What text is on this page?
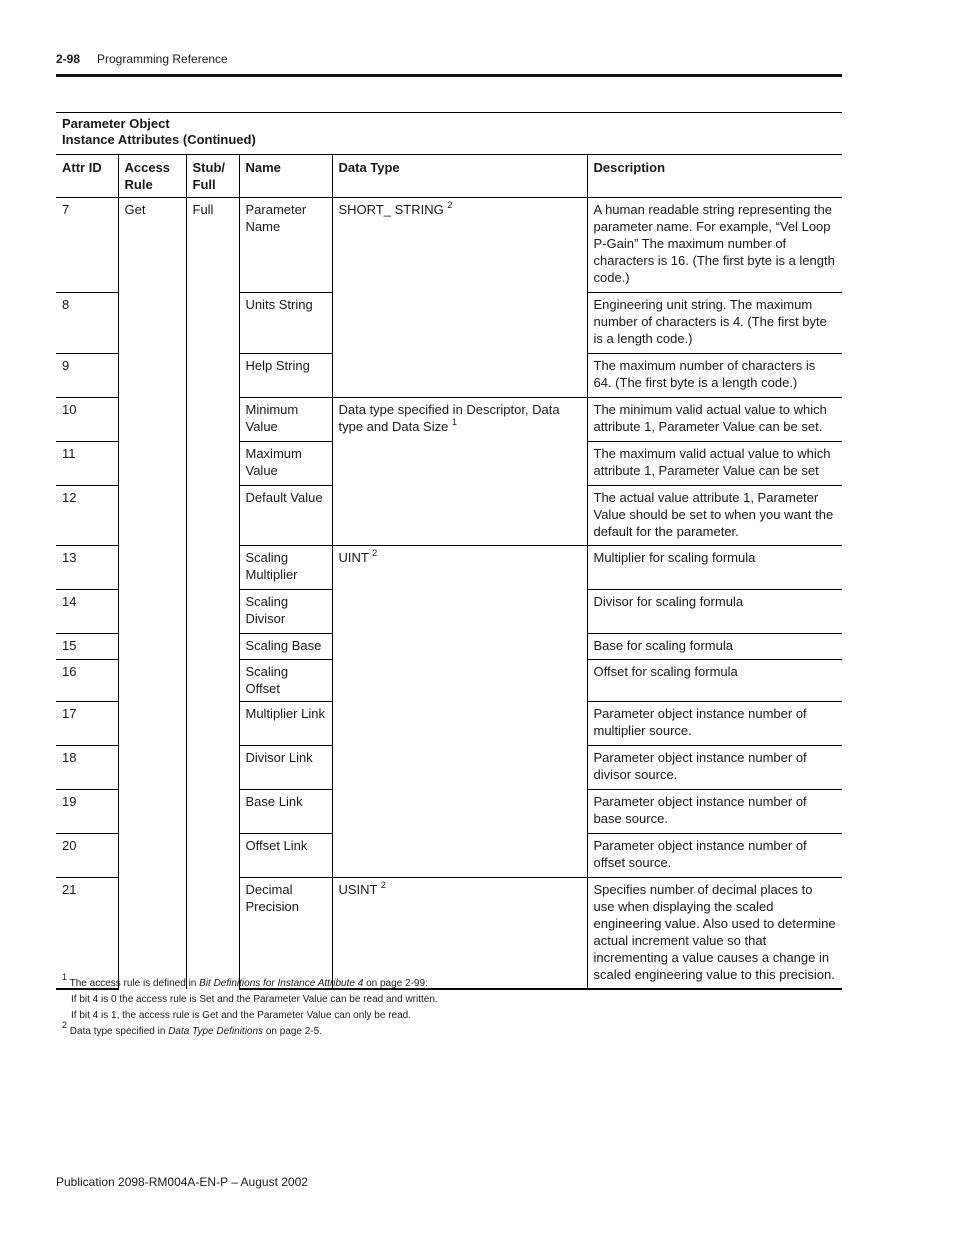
2-98 Programming Reference
Parameter Object
Instance Attributes (Continued)
Attr ID	Access Rule	Stub/ Full	Name	Data Type	Description
7	Get	Full	Parameter Name	SHORT_ STRING $^2$	A human readable string representing the parameter name. For example, “Vel Loop P-Gain” The maximum number of characters is 16. (The first byte is a length code.)
8			Units String		Engineering unit string. The maximum number of characters is 4. (The first byte is a length code.)
9			Help String		The maximum number of characters is 64. (The first byte is a length code.)
10			Minimum Value	Data type specified in Descriptor, Data type and Data Size $^1$	The minimum valid actual value to which attribute 1, Parameter Value can be set.
11			Maximum Value		The maximum valid actual value to which attribute 1, Parameter Value can be set
12			Default Value		The actual value attribute 1, Parameter Value should be set to when you want the default for the parameter.
13			Scaling Multiplier	UINT $^2$	Multiplier for scaling formula
14			Scaling Divisor		Divisor for scaling formula
15			Scaling Base		Base for scaling formula
16			Scaling Offset		Offset for scaling formula
17			Multiplier Link		Parameter object instance number of multiplier source.
18			Divisor Link		Parameter object instance number of divisor source.
19			Base Link		Parameter object instance number of base source.
20			Offset Link		Parameter object instance number of offset source.
21			Decimal Precision	USINT $^2$	Specifies number of decimal places to use when displaying the scaled engineering value. Also used to determine actual increment value so that incrementing a value causes a change in scaled engineering value to this precision.
$^1$ The access rule is defined in Bit Definitions for Instance Attribute 4 on page 2-99:
If bit 4 is 0 the access rule is Set and the Parameter Value can be read and written.
If bit 4 is 1, the access rule is Get and the Parameter Value can only be read.
$^2$ Data type specified in Data Type Definitions on page 2-5.
Publication 2098-RM004A-EN-P – August 2002
